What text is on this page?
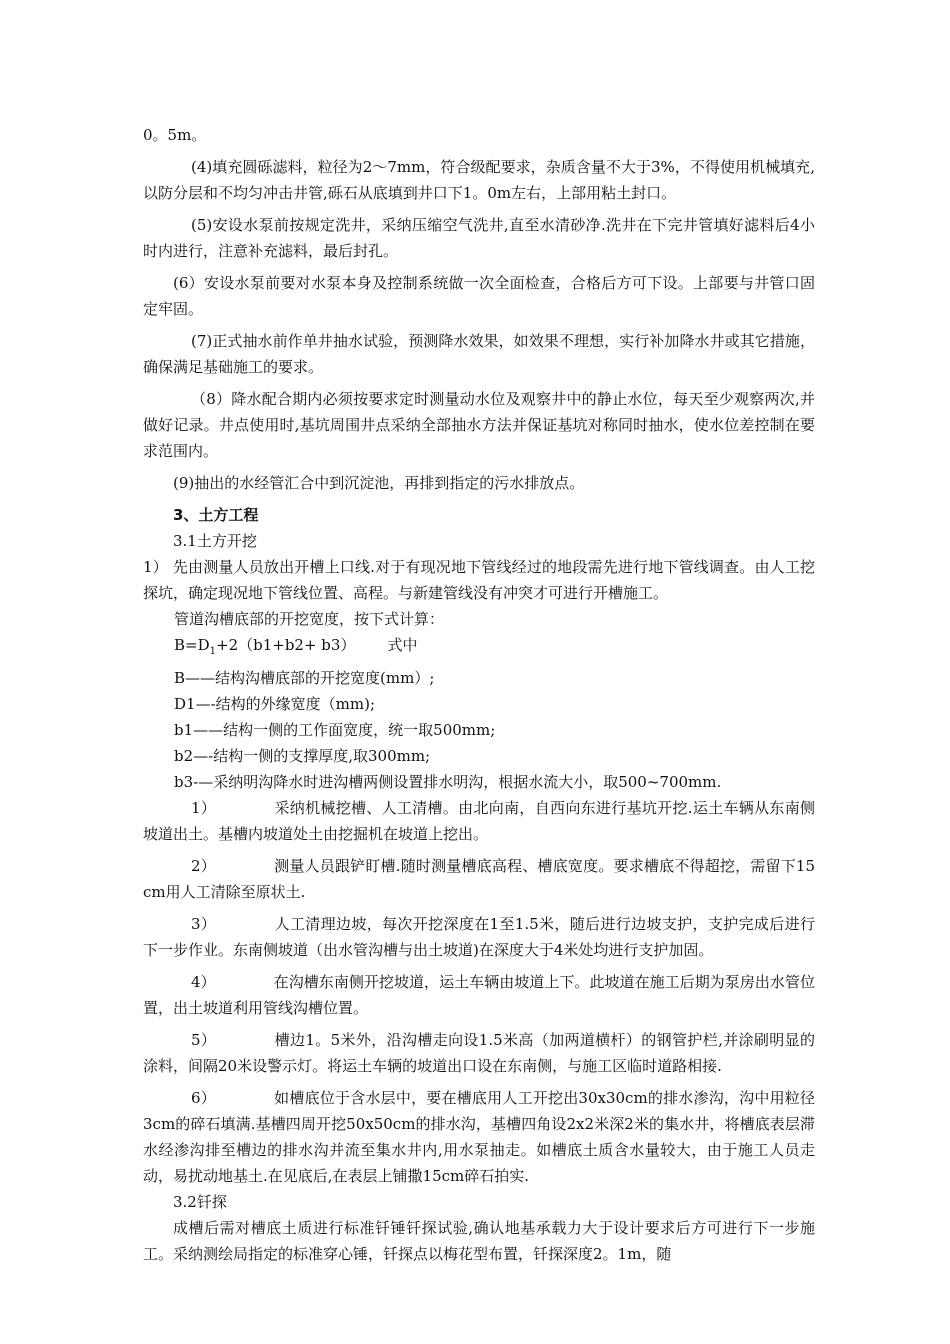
0。5m。

(4)填充圆砾滤料，粒径为2～7mm，符合级配要求，杂质含量不大于3%，不得使用机械填充,以防分层和不均匀冲击井管,砾石从底填到井口下1。0m左右，上部用粘土封口。

(5)安设水泵前按规定洗井，采纳压缩空气洗井,直至水清砂净.洗井在下完井管填好滤料后4小时内进行，注意补充滤料，最后封孔。

(6）安设水泵前要对水泵本身及控制系统做一次全面检查，合格后方可下设。上部要与井管口固定牢固。

(7)正式抽水前作单井抽水试验，预测降水效果，如效果不理想，实行补加降水井或其它措施，确保满足基础施工的要求。

（8）降水配合期内必须按要求定时测量动水位及观察井中的静止水位，每天至少观察两次,并做好记录。井点使用时,基坑周围井点采纳全部抽水方法并保证基坑对称同时抽水，使水位差控制在要求范围内。

(9)抽出的水经管汇合中到沉淀池，再排到指定的污水排放点。

3、土方工程

3.1土方开挖

1） 先由测量人员放出开槽上口线.对于有现况地下管线经过的地段需先进行地下管线调查。由人工挖探坑，确定现况地下管线位置、高程。与新建管线没有冲突才可进行开槽施工。

管道沟槽底部的开挖宽度，按下式计算：

$B=D_1+2(b1+b2+ b3)$ 式中

B——结构沟槽底部的开挖宽度(mm）;

D1—-结构的外缘宽度（mm);

b1——结构一侧的工作面宽度，统一取500mm;

b2—-结构一侧的支撑厚度,取300mm;

b3-—采纳明沟降水时进沟槽两侧设置排水明沟，根据水流大小，取500~700mm.

1）	采纳机械挖槽、人工清槽。由北向南，自西向东进行基坑开挖.运土车辆从东南侧坡道出土。基槽内坡道处土由挖掘机在坡道上挖出。

2）	测量人员跟铲盯槽.随时测量槽底高程、槽底宽度。要求槽底不得超挖，需留下15cm用人工清除至原状土.

3）	人工清理边坡，每次开挖深度在1至1.5米，随后进行边坡支护，支护完成后进行下一步作业。东南侧坡道（出水管沟槽与出土坡道)在深度大于4米处均进行支护加固。

4）	在沟槽东南侧开挖坡道，运土车辆由坡道上下。此坡道在施工后期为泵房出水管位置，出土坡道利用管线沟槽位置。

5）	槽边1。5米外，沿沟槽走向设1.5米高（加两道横杆）的钢管护栏,并涂刷明显的涂料，间隔20米设警示灯。将运土车辆的坡道出口设在东南侧，与施工区临时道路相接.

6）	如槽底位于含水层中，要在槽底用人工开挖出30x30cm的排水渗沟，沟中用粒径3cm的碎石填满.基槽四周开挖50x50cm的排水沟，基槽四角设2x2米深2米的集水井，将槽底表层滞水经渗沟排至槽边的排水沟并流至集水井内,用水泵抽走。如槽底土质含水量较大，由于施工人员走动，易扰动地基土.在见底后,在表层上铺撒15cm碎石拍实.

3.2钎探

成槽后需对槽底土质进行标准钎锤钎探试验,确认地基承载力大于设计要求后方可进行下一步施工。采纳测绘局指定的标准穿心锤，钎探点以梅花型布置，钎探深度2。1m，随
